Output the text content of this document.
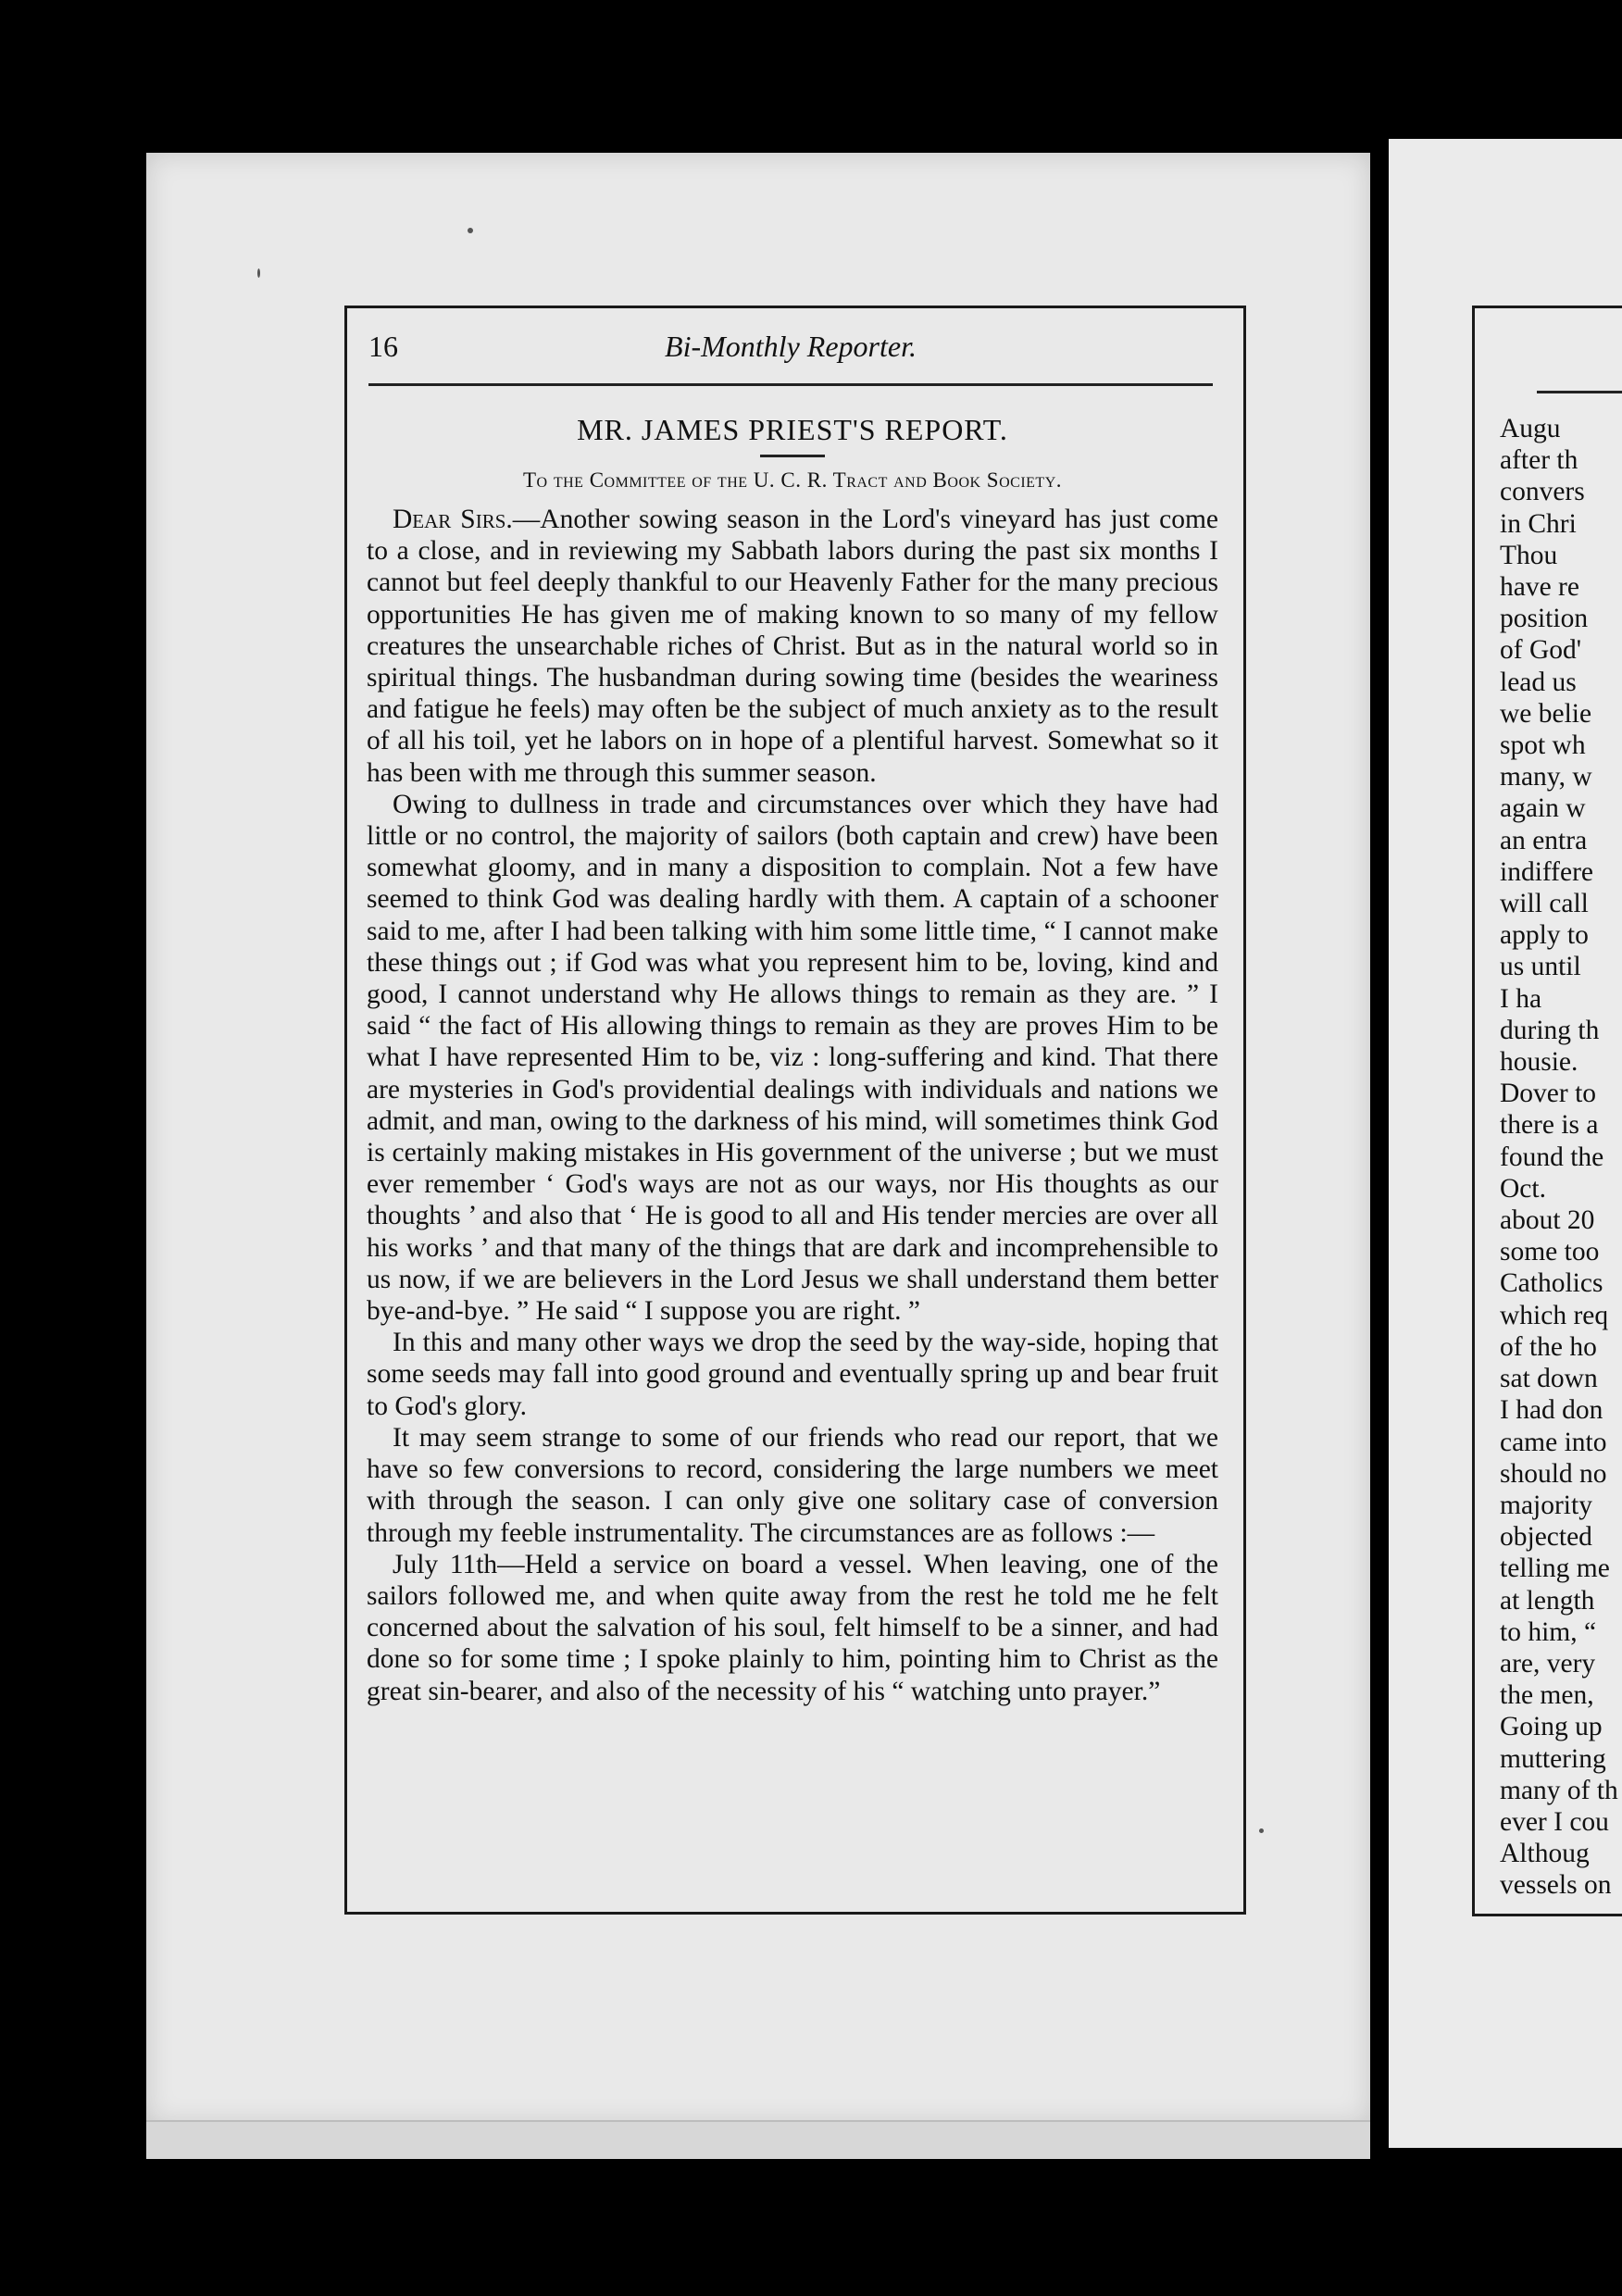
16	Bi-Monthly Reporter.
MR. JAMES PRIEST'S REPORT.
To the Committee of the U. C. R. Tract and Book Society.

Dear Sirs.—Another sowing season in the Lord's vineyard has just come to a close, and in reviewing my Sabbath labors during the past six months I cannot but feel deeply thankful to our Heavenly Father for the many precious opportunities He has given me of making known to so many of my fellow creatures the unsearchable riches of Christ. But as in the natural world so in spiritual things. The husbandman during sowing time (besides the weariness and fatigue he feels) may often be the subject of much anxiety as to the result of all his toil, yet he labors on in hope of a plentiful harvest. Somewhat so it has been with me through this summer season.

Owing to dullness in trade and circumstances over which they have had little or no control, the majority of sailors (both captain and crew) have been somewhat gloomy, and in many a disposition to complain. Not a few have seemed to think God was dealing hardly with them. A captain of a schooner said to me, after I had been talking with him some little time, “ I cannot make these things out ; if God was what you represent him to be, loving, kind and good, I cannot understand why He allows things to remain as they are. ” I said “ the fact of His allowing things to remain as they are proves Him to be what I have represented Him to be, viz : long-suffering and kind. That there are mysteries in God's providential dealings with individuals and nations we admit, and man, owing to the darkness of his mind, will sometimes think God is certainly making mistakes in His government of the universe ; but we must ever remember ‘ God's ways are not as our ways, nor His thoughts as our thoughts ’ and also that ‘ He is good to all and His tender mercies are over all his works ’ and that many of the things that are dark and incomprehensible to us now, if we are believers in the Lord Jesus we shall understand them better bye-and-bye. ” He said “ I suppose you are right. ”

In this and many other ways we drop the seed by the way-side, hoping that some seeds may fall into good ground and eventually spring up and bear fruit to God's glory.

It may seem strange to some of our friends who read our report, that we have so few conversions to record, considering the large numbers we meet with through the season. I can only give one solitary case of conversion through my feeble instrumentality. The circumstances are as follows :—

July 11th—Held a service on board a vessel. When leaving, one of the sailors followed me, and when quite away from the rest he told me he felt concerned about the salvation of his soul, felt himself to be a sinner, and had done so for some time ; I spoke plainly to him, pointing him to Christ as the great sin-bearer, and also of the necessity of his “ watching unto prayer.”

Augu
after th
convers
in Chri
Thou
have re
position
of God'
lead us
we belie
spot wh
many, w
again w
an entra
indiffere
will call
apply to
us until
I ha
during th
housie.
Dover to
there is a
found the
Oct.
about 20
some too
Catholics
which req
of the ho
sat down
I had don
came into
should no
majority
objected
telling me
at length
to him, “
are, very
the men,
Going up
muttering
many of th
ever I cou
Althoug
vessels on
